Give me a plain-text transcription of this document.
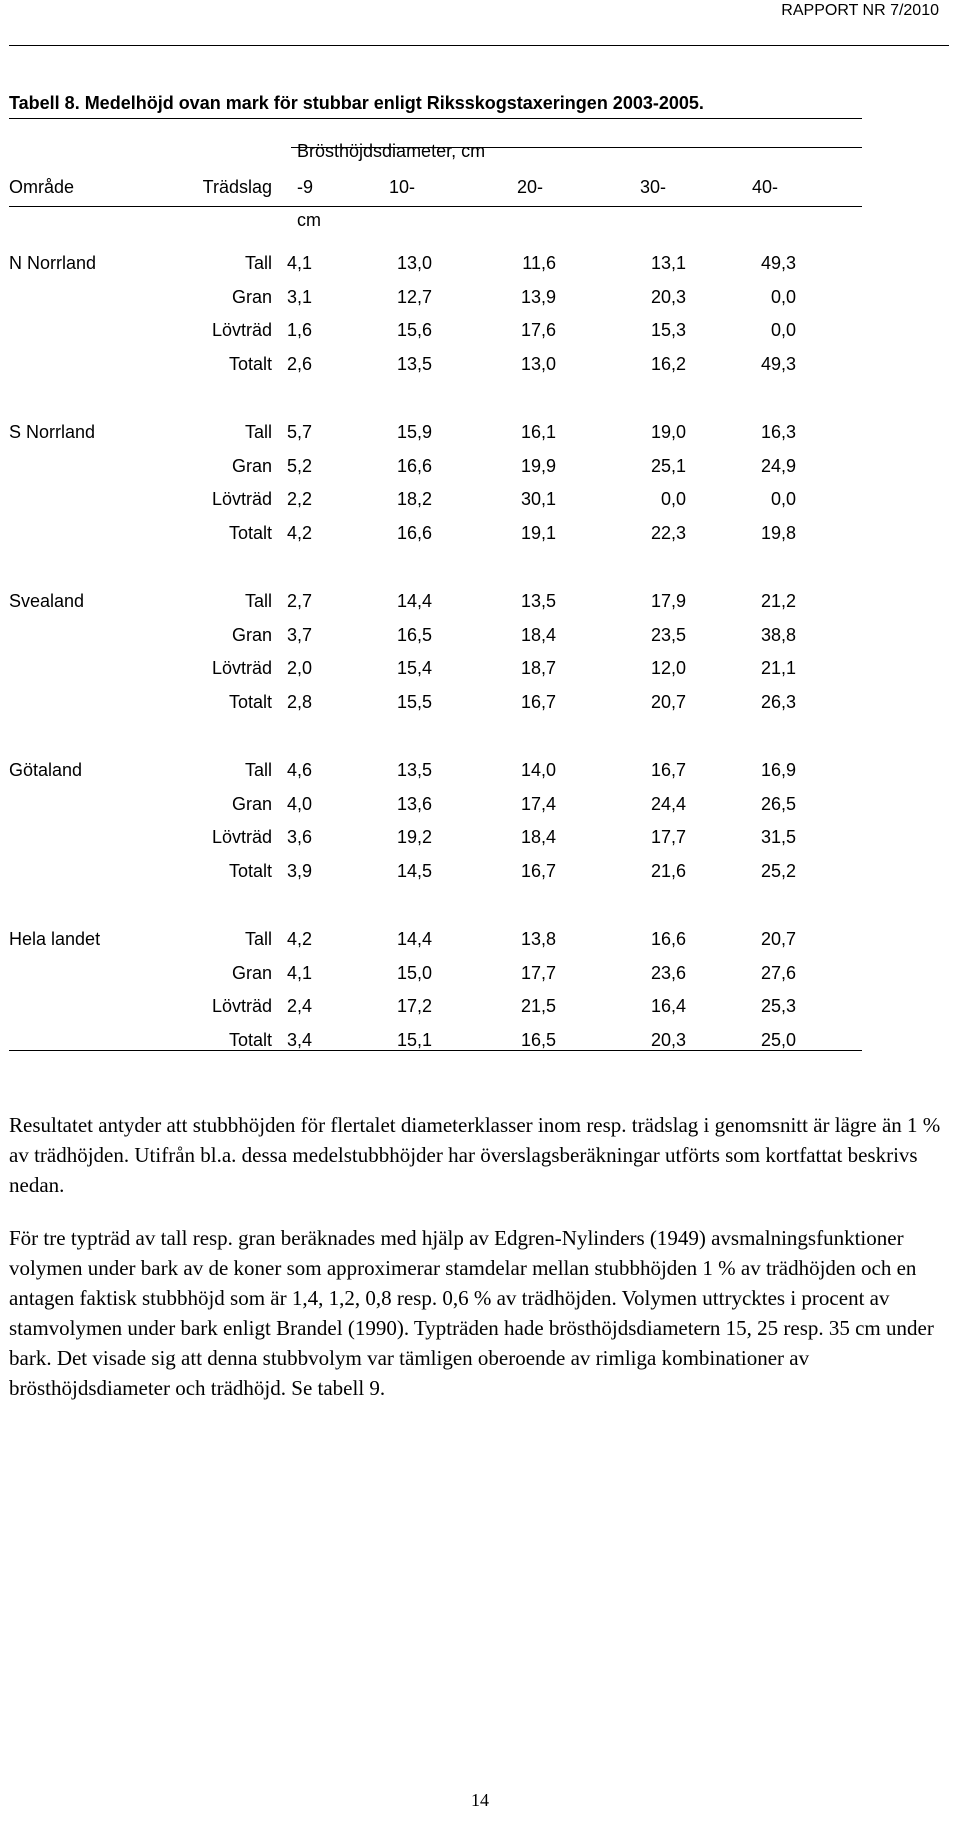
RAPPORT NR 7/2010
Tabell 8. Medelhöjd ovan mark för stubbar enligt Riksskogstaxeringen 2003-2005.
Brösthöjdsdiameter, cm
Område	Trädslag -9	10-	20-	30-	40-
cm
N Norrland	Tall 4,1	13,0	11,6	13,1	49,3
Gran 3,1	12,7	13,9	20,3	0,0
Lövträd 1,6	15,6	17,6	15,3	0,0
Totalt 2,6	13,5	13,0	16,2	49,3
S Norrland	Tall 5,7	15,9	16,1	19,0	16,3
Gran 5,2	16,6	19,9	25,1	24,9
Lövträd 2,2	18,2	30,1	0,0	0,0
Totalt 4,2	16,6	19,1	22,3	19,8
Svealand	Tall 2,7	14,4	13,5	17,9	21,2
Gran 3,7	16,5	18,4	23,5	38,8
Lövträd 2,0	15,4	18,7	12,0	21,1
Totalt 2,8	15,5	16,7	20,7	26,3
Götaland	Tall 4,6	13,5	14,0	16,7	16,9
Gran 4,0	13,6	17,4	24,4	26,5
Lövträd 3,6	19,2	18,4	17,7	31,5
Totalt 3,9	14,5	16,7	21,6	25,2
Hela landet	Tall 4,2	14,4	13,8	16,6	20,7
Gran 4,1	15,0	17,7	23,6	27,6
Lövträd 2,4	17,2	21,5	16,4	25,3
Totalt 3,4	15,1	16,5	20,3	25,0

Resultatet antyder att stubbhöjden för flertalet diameterklasser inom resp. trädslag i genomsnitt är lägre än 1 % av trädhöjden. Utifrån bl.a. dessa medelstubbhöjder har överslagsberäkningar utförts som kortfattat beskrivs nedan.

För tre typträd av tall resp. gran beräknades med hjälp av Edgren-Nylinders (1949) avsmalningsfunktioner volymen under bark av de koner som approximerar stamdelar mellan stubbhöjden 1 % av trädhöjden och en antagen faktisk stubbhöjd som är 1,4, 1,2, 0,8 resp. 0,6 % av trädhöjden. Volymen uttrycktes i procent av stamvolymen under bark enligt Brandel (1990). Typträden hade brösthöjdsdiametern 15, 25 resp. 35 cm under bark. Det visade sig att denna stubbvolym var tämligen oberoende av rimliga kombinationer av brösthöjdsdiameter och trädhöjd. Se tabell 9.

14
